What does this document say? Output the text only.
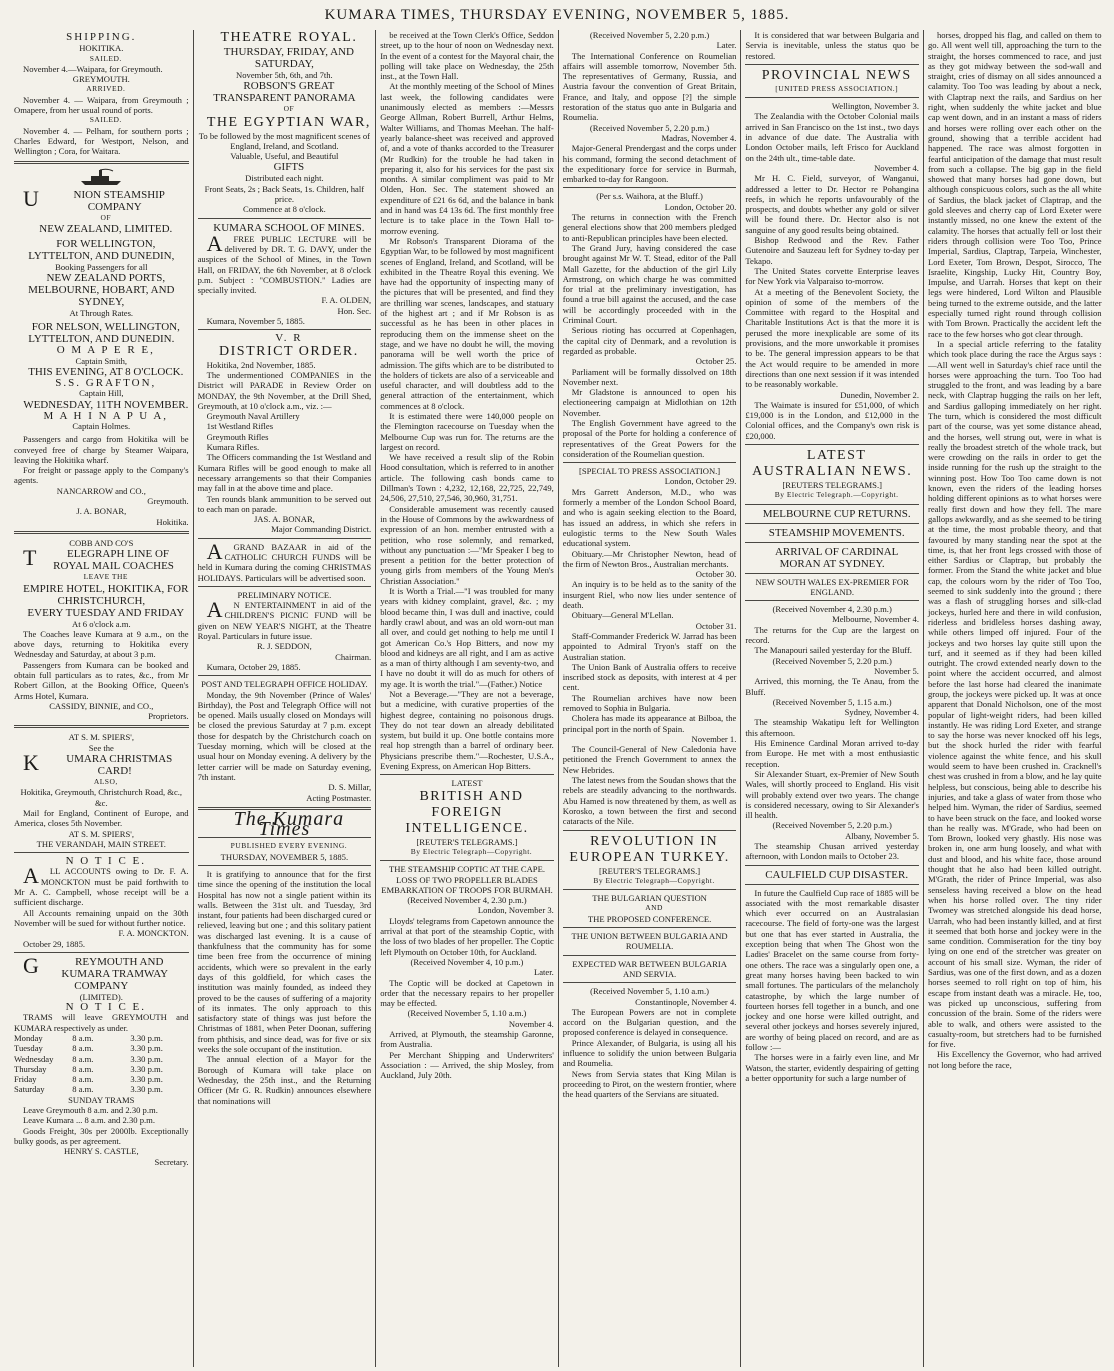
KUMARA TIMES, THURSDAY EVENING, NOVEMBER 5, 1885.
SHIPPING.

HOKITIKA.

SAILED.

November 4.—Waipara, for Greymouth.

GREYMOUTH.

ARRIVED.

November 4. — Waipara, from Greymouth ; Omapere, from her usual round of ports.

SAILED.

November 4. — Pelham, for southern ports ; Charles Edward, for Westport, Nelson, and Wellington ; Cora, for Waitara.

UNION STEAMSHIP COMPANY

OF

NEW ZEALAND, LIMITED.

FOR WELLINGTON, LYTTELTON, AND DUNEDIN,

Booking Passengers for all

NEW ZEALAND PORTS, MELBOURNE, HOBART, AND SYDNEY,

At Through Rates.

FOR NELSON, WELLINGTON, LYTTELTON, AND DUNEDIN.

O M A P E R E,

Captain Smith,

THIS EVENING, AT 8 O'CLOCK.

S.S. GRAFTON,

Captain Hill,

WEDNESDAY, 11TH NOVEMBER.

M A H I N A P U A,

Captain Holmes.

Passengers and cargo from Hokitika will be conveyed free of charge by Steamer Waipara, leaving the Hokitika wharf.

For freight or passage apply to the Company's agents.

NANCARROW and CO.,

Greymouth.

J. A. BONAR,

Hokitika.

COBB AND CO'S

TELEGRAPH LINE OF ROYAL MAIL COACHES

LEAVE THE

EMPIRE HOTEL, HOKITIKA, FOR CHRISTCHURCH,

EVERY TUESDAY AND FRIDAY

At 6 o'clock a.m.

The Coaches leave Kumara at 9 a.m., on the above days, returning to Hokitika every Wednesday and Saturday, at about 3 p.m.

Passengers from Kumara can be booked and obtain full particulars as to rates, &c., from Mr Robert Gillon, at the Booking Office, Queen's Arms Hotel, Kumara.

CASSIDY, BINNIE, and CO.,

Proprietors.

AT S. M. SPIERS',

See the

KUMARA CHRISTMAS CARD!

ALSO,

Hokitika, Greymouth, Christchurch Road, &c., &c.

Mail for England, Continent of Europe, and America, closes 5th November.

AT S. M. SPIERS',

THE VERANDAH, MAIN STREET.

N O T I C E.

ALL ACCOUNTS owing to Dr. F. A. MONCKTON must be paid forthwith to Mr A. C. Campbell, whose receipt will be a sufficient discharge.

All Accounts remaining unpaid on the 30th November will be sued for without further notice.

F. A. MONCKTON.

October 29, 1885.

GREYMOUTH AND KUMARA TRAMWAY COMPANY

(LIMITED).

N O T I C E.

TRAMS will leave GREYMOUTH and KUMARA respectively as under.

Monday	8 a.m.	3.30 p.m.
Tuesday	8 a.m.	3.30 p.m.
Wednesday	8 a.m.	3.30 p.m.
Thursday	8 a.m.	3.30 p.m.
Friday	8 a.m.	3.30 p.m.
Saturday	8 a.m.	3.30 p.m.

SUNDAY TRAMS

Leave Greymouth 8 a.m. and 2.30 p.m.

Leave Kumara ... 8 a.m. and 2.30 p.m.

Goods Freight, 30s per 2000lb. Exceptionally bulky goods, as per agreement.

HENRY S. CASTLE,

Secretary.

THEATRE ROYAL.

THURSDAY, FRIDAY, AND SATURDAY,

November 5th, 6th, and 7th.

ROBSON'S GREAT TRANSPARENT PANORAMA

OF

THE EGYPTIAN WAR,

To be followed by the most magnificent scenes of

England, Ireland, and Scotland.

Valuable, Useful, and Beautiful

GIFTS

Distributed each night.

Front Seats, 2s ; Back Seats, 1s. Children, half price.

Commence at 8 o'clock.

KUMARA SCHOOL OF MINES.

AFREE PUBLIC LECTURE will be delivered by DR. T. G. DAVY, under the auspices of the School of Mines, in the Town Hall, on FRIDAY, the 6th November, at 8 o'clock p.m. Subject : "COMBUSTION." Ladies are specially invited.

F. A. OLDEN,

Hon. Sec.

Kumara, November 5, 1885.

V. R

DISTRICT ORDER.

Hokitika, 2nd November, 1885.

The undermentioned COMPANIES in the District will PARADE in Review Order on MONDAY, the 9th November, at the Drill Shed, Greymouth, at 10 o'clock a.m., viz. :—

Greymouth Naval Artillery

1st Westland Rifles

Greymouth Rifles

Kumara Rifles.

The Officers commanding the 1st Westland and Kumara Rifles will be good enough to make all necessary arrangements so that their Companies may fall in at the above time and place.

Ten rounds blank ammunition to be served out to each man on parade.

JAS. A. BONAR,

Major Commanding District.

AGRAND BAZAAR in aid of the CATHOLIC CHURCH FUNDS will be held in Kumara during the coming CHRISTMAS HOLIDAYS. Particulars will be advertised soon.

PRELIMINARY NOTICE.

AN ENTERTAINMENT in aid of the CHILDREN'S PICNIC FUND will be given on NEW YEAR'S NIGHT, at the Theatre Royal. Particulars in future issue.

R. J. SEDDON,

Chairman.

Kumara, October 29, 1885.

POST AND TELEGRAPH OFFICE HOLIDAY.

Monday, the 9th November (Prince of Wales' Birthday), the Post and Telegraph Office will not be opened. Mails usually closed on Mondays will be closed the previous Saturday at 7 p.m. except those for despatch by the Christchurch coach on Tuesday morning, which will be closed at the usual hour on Monday evening. A delivery by the letter carrier will be made on Saturday evening, 7th instant.

D. S. Millar,

Acting Postmaster.

The Kumara Times

PUBLISHED EVERY EVENING.

THURSDAY, NOVEMBER 5, 1885.

It is gratifying to announce that for the first time since the opening of the institution the local Hospital has now not a single patient within its walls. Between the 31st ult. and Tuesday, 3rd instant, four patients had been discharged cured or relieved, leaving but one ; and this solitary patient was discharged last evening. It is a cause of thankfulness that the community has for some time been free from the occurrence of mining accidents, which were so prevalent in the early days of this goldfield, for which cases the institution was mainly founded, as indeed they proved to be the causes of suffering of a majority of its inmates. The only approach to this satisfactory state of things was just before the Christmas of 1881, when Peter Doonan, suffering from phthisis, and since dead, was for five or six weeks the sole occupant of the institution.

The annual election of a Mayor for the Borough of Kumara will take place on Wednesday, the 25th inst., and the Returning Officer (Mr G. R. Rudkin) announces elsewhere that nominations will

be received at the Town Clerk's Office, Seddon street, up to the hour of noon on Wednesday next. In the event of a contest for the Mayoral chair, the polling will take place on Wednesday, the 25th inst., at the Town Hall.

At the monthly meeting of the School of Mines last week, the following candidates were unanimously elected as members :—Messrs George Allman, Robert Burrell, Arthur Helms, Walter Williams, and Thomas Meehan. The half-yearly balance-sheet was received and approved of, and a vote of thanks accorded to the Treasurer (Mr Rudkin) for the trouble he had taken in preparing it, also for his services for the past six months. A similar compliment was paid to Mr Olden, Hon. Sec. The statement showed an expenditure of £21 6s 6d, and the balance in bank and in hand was £4 13s 6d. The first monthly free lecture is to take place in the Town Hall to-morrow evening.

Mr Robson's Transparent Diorama of the Egyptian War, to be followed by most magnificent scenes of England, Ireland, and Scotland, will be exhibited in the Theatre Royal this evening. We have had the opportunity of inspecting many of the pictures that will be presented, and find they are thrilling war scenes, landscapes, and statuary of the highest art ; and if Mr Robson is as successful as he has been in other places in reproducing them on the immense sheet on the stage, and we have no doubt he will, the moving panorama will be well worth the price of admission. The gifts which are to be distributed to the holders of tickets are also of a serviceable and useful character, and will doubtless add to the general attraction of the entertainment, which commences at 8 o'clock.

It is estimated there were 140,000 people on the Flemington racecourse on Tuesday when the Melbourne Cup was run for. The returns are the largest on record.

We have received a result slip of the Robin Hood consultation, which is referred to in another article. The following cash bonds came to Dillman's Town : 4,232, 12,168, 22,725, 22,749, 24,506, 27,510, 27,546, 30,960, 31,751.

Considerable amusement was recently caused in the House of Commons by the awkwardness of expression of an hon. member entrusted with a petition, who rose solemnly, and remarked, without any punctuation :—"Mr Speaker I beg to present a petition for the better protection of young girls from members of the Young Men's Christian Association."

It is Worth a Trial.—"I was troubled for many years with kidney complaint, gravel, &c. ; my blood became thin, I was dull and inactive, could hardly crawl about, and was an old worn-out man all over, and could get nothing to help me until I got American Co.'s Hop Bitters, and now my blood and kidneys are all right, and I am as active as a man of thirty although I am seventy-two, and I have no doubt it will do as much for others of my age. It is worth the trial."—(Father.) Notice

Not a Beverage.—"They are not a beverage, but a medicine, with curative properties of the highest degree, containing no poisonous drugs. They do not tear down an already debilitated system, but build it up. One bottle contains more real hop strength than a barrel of ordinary beer. Physicians prescribe them."—Rochester, U.S.A., Evening Express, on American Hop Bitters.

LATEST

BRITISH AND FOREIGN INTELLIGENCE.

[REUTER'S TELEGRAMS.]

By Electric Telegraph—Copyright.

THE STEAMSHIP COPTIC AT THE CAPE.

LOSS OF TWO PROPELLER BLADES

EMBARKATION OF TROOPS FOR BURMAH.

(Received November 4, 2.30 p.m.)

London, November 3.

Lloyds' telegrams from Capetown announce the arrival at that port of the steamship Coptic, with the loss of two blades of her propeller. The Coptic left Plymouth on October 10th, for Auckland.

(Received November 4, 10 p.m.)

Later.

The Coptic will be docked at Capetown in order that the necessary repairs to her propeller may be effected.

(Received November 5, 1.10 a.m.)

November 4.

Arrived, at Plymouth, the steamship Garonne, from Australia.

Per Merchant Shipping and Underwriters' Association : — Arrived, the ship Mosley, from Auckland, July 20th.

(Received November 5, 2.20 p.m.)

Later.

The International Conference on Roumelian affairs will assemble tomorrow, November 5th. The representatives of Germany, Russia, and Austria favour the convention of Great Britain, France, and Italy, and oppose [?] the simple restoration of the status quo ante in Bulgaria and Roumelia.

(Received November 5, 2.20 p.m.)

Madras, November 4.

Major-General Prendergast and the corps under his command, forming the second detachment of the expeditionary force for service in Burmah, embarked to-day for Rangoon.

(Per s.s. Waihora, at the Bluff.)

London, October 20.

The returns in connection with the French general elections show that 200 members pledged to anti-Republican principles have been elected.

The Grand Jury, having considered the case brought against Mr W. T. Stead, editor of the Pall Mall Gazette, for the abduction of the girl Lily Armstrong, on which charge he was committed for trial at the preliminary investigation, has found a true bill against the accused, and the case will be accordingly proceeded with in the Criminal Court.

Serious rioting has occurred at Copenhagen, the capital city of Denmark, and a revolution is regarded as probable.

October 25.

Parliament will be formally dissolved on 18th November next.

Mr Gladstone is announced to open his electioneering campaign at Midlothian on 12th November.

The English Government have agreed to the proposal of the Porte for holding a conference of representatives of the Great Powers for the consideration of the Roumelian question.

[SPECIAL TO PRESS ASSOCIATION.]

London, October 29.

Mrs Garrett Anderson, M.D., who was formerly a member of the London School Board, and who is again seeking election to the Board, has issued an address, in which she refers in eulogistic terms to the New South Wales educational system.

Obituary.—Mr Christopher Newton, head of the firm of Newton Bros., Australian merchants.

October 30.

An inquiry is to be held as to the sanity of the insurgent Riel, who now lies under sentence of death.

Obituary—General M'Lellan.

October 31.

Staff-Commander Frederick W. Jarrad has been appointed to Admiral Tryon's staff on the Australian station.

The Union Bank of Australia offers to receive inscribed stock as deposits, with interest at 4 per cent.

The Roumelian archives have now been removed to Sophia in Bulgaria.

Cholera has made its appearance at Bilboa, the principal port in the north of Spain.

November 1.

The Council-General of New Caledonia have petitioned the French Government to annex the New Hebrides.

The latest news from the Soudan shows that the rebels are steadily advancing to the northwards. Abu Hamed is now threatened by them, as well as Korosko, a town between the first and second cataracts of the Nile.

REVOLUTION IN EUROPEAN TURKEY.

[REUTER'S TELEGRAMS.]

By Electric Telegraph—Copyright.

THE BULGARIAN QUESTION

AND

THE PROPOSED CONFERENCE.

THE UNION BETWEEN BULGARIA AND ROUMELIA.

EXPECTED WAR BETWEEN BULGARIA AND SERVIA.

(Received November 5, 1.10 a.m.)

Constantinople, November 4.

The European Powers are not in complete accord on the Bulgarian question, and the proposed conference is delayed in consequence.

Prince Alexander, of Bulgaria, is using all his influence to solidify the union between Bulgaria and Roumelia.

News from Servia states that King Milan is proceeding to Pirot, on the western frontier, where the head quarters of the Servians are situated.

It is considered that war between Bulgaria and Servia is inevitable, unless the status quo be restored.

PROVINCIAL NEWS

[UNITED PRESS ASSOCIATION.]

Wellington, November 3.

The Zealandia with the October Colonial mails arrived in San Francisco on the 1st inst., two days in advance of due date. The Australia with London October mails, left Frisco for Auckland on the 24th ult., time-table date.

November 4.

Mr H. C. Field, surveyor, of Wanganui, addressed a letter to Dr. Hector re Pohangina reefs, in which he reports unfavourably of the prospects, and doubts whether any gold or silver will be found there. Dr. Hector also is not sanguine of any good results being obtained.

Bishop Redwood and the Rev. Father Gutenoire and Sauzeau left for Sydney to-day per Tekapo.

The United States corvette Enterprise leaves for New York via Valparaiso to-morrow.

At a meeting of the Benevolent Society, the opinion of some of the members of the Committee with regard to the Hospital and Charitable Institutions Act is that the more it is perused the more inexplicable are some of its provisions, and the more unworkable it promises to be. The general impression appears to be that the Act would require to be amended in more directions than one next session if it was intended to be reasonably workable.

Dunedin, November 2.

The Waimate is insured for £51,000, of which £19,000 is in the London, and £12,000 in the Colonial offices, and the Company's own risk is £20,000.

LATEST AUSTRALIAN NEWS.

[REUTERS TELEGRAMS.]

By Electric Telegraph.—Copyright.

MELBOURNE CUP RETURNS.

STEAMSHIP MOVEMENTS.

ARRIVAL OF CARDINAL MORAN AT SYDNEY.

NEW SOUTH WALES EX-PREMIER FOR ENGLAND.

(Received November 4, 2.30 p.m.)

Melbourne, November 4.

The returns for the Cup are the largest on record.

The Manapouri sailed yesterday for the Bluff.

(Received November 5, 2.20 p.m.)

November 5.

Arrived, this morning, the Te Anau, from the Bluff.

(Received November 5, 1.15 a.m.)

Sydney, November 4.

The steamship Wakatipu left for Wellington this afternoon.

His Eminence Cardinal Moran arrived to-day from Europe. He met with a most enthusiastic reception.

Sir Alexander Stuart, ex-Premier of New South Wales, will shortly proceed to England. His visit will probably extend over two years. The change is considered necessary, owing to Sir Alexander's ill health.

(Received November 5, 2.20 p.m.)

Albany, November 5.

The steamship Chusan arrived yesterday afternoon, with London mails to October 23.

CAULFIELD CUP DISASTER.

In future the Caulfield Cup race of 1885 will be associated with the most remarkable disaster which ever occurred on an Australasian racecourse. The field of forty-one was the largest but one that has ever started in Australia, the exception being that when The Ghost won the Ladies' Bracelet on the same course from forty-one others. The race was a singularly open one, a great many horses having been backed to win small fortunes. The particulars of the melancholy catastrophe, by which the large number of fourteen horses fell together in a bunch, and one jockey and one horse were killed outright, and several other jockeys and horses severely injured, are worthy of being placed on record, and are as follow :—

The horses were in a fairly even line, and Mr Watson, the starter, evidently despairing of getting a better opportunity for such a large number of

horses, dropped his flag, and called on them to go. All went well till, approaching the turn to the straight, the horses commenced to race, and just as they got midway between the sod-wall and straight, cries of dismay on all sides announced a calamity. Too Too was leading by about a neck, with Claptrap next the rails, and Sardius on her right, when suddenly the white jacket and blue cap went down, and in an instant a mass of riders and horses were rolling over each other on the ground, showing that a terrible accident had happened. The race was almost forgotten in fearful anticipation of the damage that must result from such a collapse. The big gap in the field showed that many horses had gone down, but although conspicuous colors, such as the all white of Sardius, the black jacket of Claptrap, and the gold sleeves and cherry cap of Lord Exeter were instantly missed, no one knew the extent of the calamity. The horses that actually fell or lost their riders through collision were Too Too, Prince Imperial, Sardius, Claptrap, Tarpeia, Winchester, Lord Exeter, Tom Brown, Despot, Sirocco, The Israelite, Kingship, Lucky Hit, Country Boy, Impulse, and Uarrah. Horses that kept on their legs were hindered, Lord Wilton and Plausible being turned to the extreme outside, and the latter especially turned right round through collision with Tom Brown. Practically the accident left the race to the few horses who got clear through.

In a special article referring to the fatality which took place during the race the Argus says :—All went well in Saturday's chief race until the horses were approaching the turn. Too Too had struggled to the front, and was leading by a bare neck, with Claptrap hugging the rails on her left, and Sardius galloping immediately on her right. The turn, which is considered the most difficult part of the course, was yet some distance ahead, and the horses, well strung out, were in what is really the broadest stretch of the whole track, but were crowding on the rails in order to get the inside running for the rush up the straight to the winning post. How Too Too came down is not known, even the riders of the leading horses holding different opinions as to what horses were really first down and how they fell. The mare gallops awkwardly, and as she seemed to be tiring at the time, the most probable theory, and that favoured by many standing near the spot at the time, is, that her front legs crossed with those of either Sardius or Claptrap, but probably the former. From the Stand the white jacket and blue cap, the colours worn by the rider of Too Too, seemed to sink suddenly into the ground ; there was a flash of struggling horses and silk-clad jockeys, hurled here and there in wild confusion, riderless and bridleless horses dashing away, while others limped off injured. Four of the jockeys and two horses lay quite still upon the turf, and it seemed as if they had been killed outright. The crowd extended nearly down to the point where the accident occurred, and almost before the last horse had cleared the inanimate group, the jockeys were picked up. It was at once apparent that Donald Nicholson, one of the most popular of light-weight riders, had been killed instantly. He was riding Lord Exeter, and strange to say the horse was never knocked off his legs, but the shock hurled the rider with fearful violence against the white fence, and his skull would seem to have been crushed in. Cracknell's chest was crushed in from a blow, and he lay quite helpless, but conscious, being able to describe his injuries, and take a glass of water from those who helped him. Wyman, the rider of Sardius, seemed to have been struck on the face, and looked worse than he really was. M'Grade, who had been on Tom Brown, looked very ghastly. His nose was broken in, one arm hung loosely, and what with dust and blood, and his white face, those around thought that he also had been killed outright. M'Grath, the rider of Prince Imperial, was also senseless having received a blow on the head when his horse rolled over. The tiny rider Twomey was stretched alongside his dead horse, Uarrah, who had been instantly killed, and at first it seemed that both horse and jockey were in the same condition. Commiseration for the tiny boy lying on one end of the stretcher was greater on account of his small size. Wyman, the rider of Sardius, was one of the first down, and as a dozen horses seemed to roll right on top of him, his escape from instant death was a miracle. He, too, was picked up unconscious, suffering from concussion of the brain. Some of the riders were able to walk, and others were assisted to the casualty-room, but stretchers had to be furnished for five.

His Excellency the Governor, who had arrived not long before the race,
